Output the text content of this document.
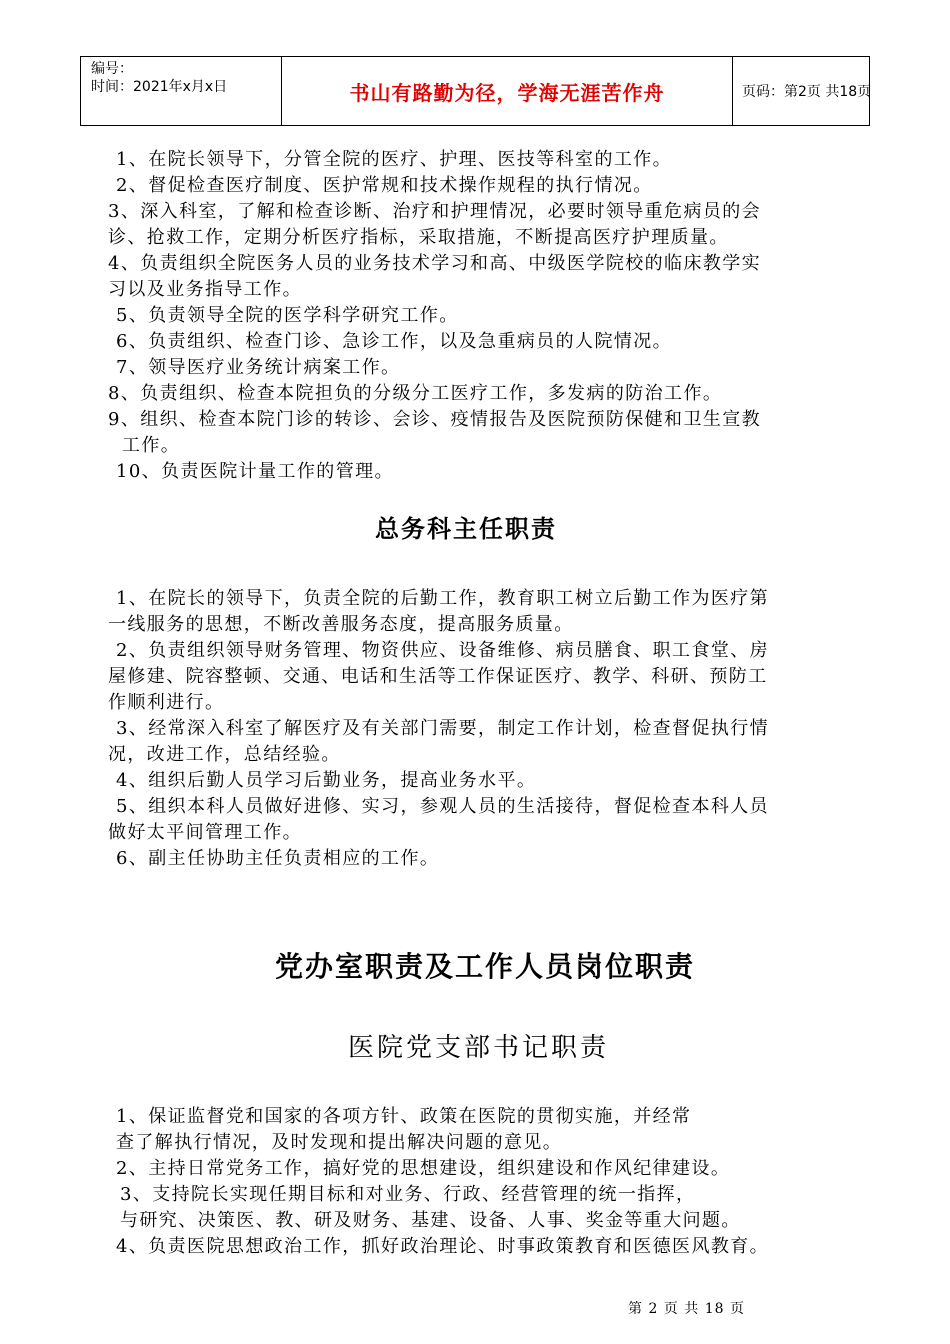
编号：
时间：2021年x月x日	书山有路勤为径，学海无涯苦作舟	页码：第2页 共18页
1、在院长领导下，分管全院的医疗、护理、医技等科室的工作。
2、督促检查医疗制度、医护常规和技术操作规程的执行情况。
3、深入科室，了解和检查诊断、治疗和护理情况，必要时领导重危病员的会
诊、抢救工作，定期分析医疗指标，采取措施，不断提高医疗护理质量。
4、负责组织全院医务人员的业务技术学习和高、中级医学院校的临床教学实
习以及业务指导工作。
5、负责领导全院的医学科学研究工作。
6、负责组织、检查门诊、急诊工作，以及急重病员的人院情况。
7、领导医疗业务统计病案工作。
8、负责组织、检查本院担负的分级分工医疗工作，多发病的防治工作。
9、组织、检查本院门诊的转诊、会诊、疫情报告及医院预防保健和卫生宣教
工作。
10、负责医院计量工作的管理。
总务科主任职责
1、在院长的领导下，负责全院的后勤工作，教育职工树立后勤工作为医疗第
一线服务的思想，不断改善服务态度，提高服务质量。
2、负责组织领导财务管理、物资供应、设备维修、病员膳食、职工食堂、房
屋修建、院容整顿、交通、电话和生活等工作保证医疗、教学、科研、预防工
作顺利进行。
3、经常深入科室了解医疗及有关部门需要，制定工作计划，检查督促执行情
况，改进工作，总结经验。
4、组织后勤人员学习后勤业务，提高业务水平。
5、组织本科人员做好进修、实习，参观人员的生活接待，督促检查本科人员
做好太平间管理工作。
6、副主任协助主任负责相应的工作。
党办室职责及工作人员岗位职责
医院党支部书记职责
1、保证监督党和国家的各项方针、政策在医院的贯彻实施，并经常
查了解执行情况，及时发现和提出解决问题的意见。
2、主持日常党务工作，搞好党的思想建设，组织建设和作风纪律建设。
3、支持院长实现任期目标和对业务、行政、经营管理的统一指挥，
与研究、决策医、教、研及财务、基建、设备、人事、奖金等重大问题。
4、负责医院思想政治工作，抓好政治理论、时事政策教育和医德医风教育。
第 2 页 共 18 页
